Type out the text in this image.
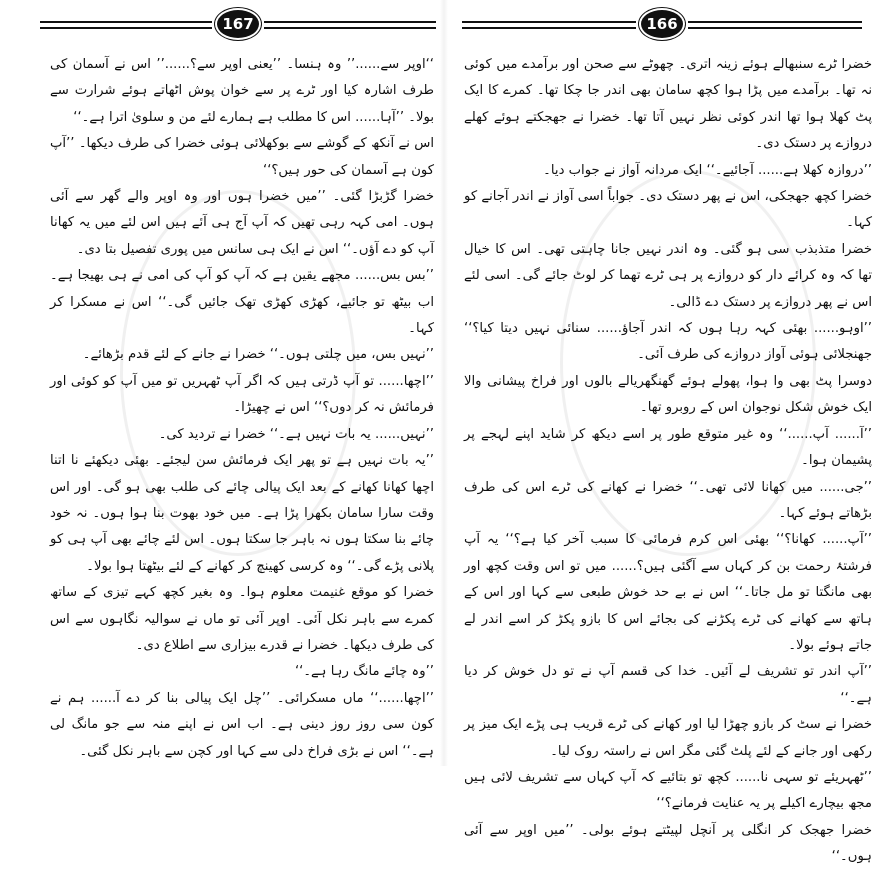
167

‘‘اوپر سے......’’ وہ ہنسا۔ ’’یعنی اوپر سے؟......’’ اس نے آسمان کی طرف اشارہ کیا اور ٹرے پر سے خوان پوش اٹھاتے ہوئے شرارت سے بولا۔ ’’آہا...... اس کا مطلب ہے ہمارے لئے من و سلویٰ اترا ہے۔‘‘

اس نے آنکھ کے گوشے سے بوکھلائی ہوئی خضرا کی طرف دیکھا۔ ’’آپ کون ہے آسمان کی حور ہیں؟‘‘

خضرا گڑبڑا گئی۔ ’’میں خضرا ہوں اور وہ اوپر والے گھر سے آئی ہوں۔ امی کہہ رہی تھیں کہ آپ آج ہی آئے ہیں اس لئے میں یہ کھانا آپ کو دے آؤں۔‘‘ اس نے ایک ہی سانس میں پوری تفصیل بتا دی۔

’’بس بس...... مجھے یقین ہے کہ آپ کو آپ کی امی نے ہی بھیجا ہے۔ اب بیٹھ تو جائیے، کھڑی کھڑی تھک جائیں گی۔‘‘ اس نے مسکرا کر کہا۔

’’نہیں بس، میں چلتی ہوں۔‘‘ خضرا نے جانے کے لئے قدم بڑھائے۔

’’اچھا...... تو آپ ڈرتی ہیں کہ اگر آپ ٹھہریں تو میں آپ کو کوئی اور فرمائش نہ کر دوں؟‘‘ اس نے چھیڑا۔

’’نہیں...... یہ بات نہیں ہے۔‘‘ خضرا نے تردید کی۔

’’یہ بات نہیں ہے تو پھر ایک فرمائش سن لیجئے۔ بھئی دیکھئے نا اتنا اچھا کھانا کھانے کے بعد ایک پیالی چائے کی طلب بھی ہو گی۔ اور اس وقت سارا سامان بکھرا پڑا ہے۔ میں خود بھوت بنا ہوا ہوں۔ نہ خود چائے بنا سکتا ہوں نہ باہر جا سکتا ہوں۔ اس لئے چائے بھی آپ ہی کو پلانی پڑے گی۔‘‘ وہ کرسی کھینچ کر کھانے کے لئے بیٹھتا ہوا بولا۔

خضرا کو موقع غنیمت معلوم ہوا۔ وہ بغیر کچھ کہے تیزی کے ساتھ کمرے سے باہر نکل آئی۔ اوپر آئی تو ماں نے سوالیہ نگاہوں سے اس کی طرف دیکھا۔ خضرا نے قدرے بیزاری سے اطلاع دی۔

’’وہ چائے مانگ رہا ہے۔‘‘

’’اچھا......‘‘ ماں مسکرائی۔ ’’چل ایک پیالی بنا کر دے آ...... ہم نے کون سی روز روز دینی ہے۔ اب اس نے اپنے منہ سے جو مانگ لی ہے۔‘‘ اس نے بڑی فراخ دلی سے کہا اور کچن سے باہر نکل گئی۔

166

خضرا ٹرے سنبھالے ہوئے زینہ اتری۔ چھوٹے سے صحن اور برآمدے میں کوئی نہ تھا۔ برآمدے میں پڑا ہوا کچھ سامان بھی اندر جا چکا تھا۔ کمرے کا ایک پٹ کھلا ہوا تھا اندر کوئی نظر نہیں آتا تھا۔ خضرا نے جھجکتے ہوئے کھلے دروازے پر دستک دی۔

’’دروازہ کھلا ہے...... آجائیے۔‘‘ ایک مردانہ آواز نے جواب دیا۔

خضرا کچھ جھجکی، اس نے پھر دستک دی۔ جواباً اسی آواز نے اندر آجانے کو کہا۔

خضرا متذبذب سی ہو گئی۔ وہ اندر نہیں جانا چاہتی تھی۔ اس کا خیال تھا کہ وہ کرائے دار کو دروازے پر ہی ٹرے تھما کر لوٹ جائے گی۔ اسی لئے اس نے پھر دروازے پر دستک دے ڈالی۔

’’اوہو...... بھئی کہہ رہا ہوں کہ اندر آجاؤ...... سنائی نہیں دیتا کیا؟‘‘ جھنجلائی ہوئی آواز دروازے کی طرف آئی۔

دوسرا پٹ بھی وا ہوا، پھولے ہوئے گھنگھریالے بالوں اور فراخ پیشانی والا ایک خوش شکل نوجوان اس کے روبرو تھا۔

’’آ...... آپ......‘‘ وہ غیر متوقع طور پر اسے دیکھ کر شاید اپنے لہجے پر پشیمان ہوا۔

’’جی...... میں کھانا لائی تھی۔‘‘ خضرا نے کھانے کی ٹرے اس کی طرف بڑھاتے ہوئے کہا۔

’’آپ...... کھانا؟‘‘ بھئی اس کرم فرمائی کا سبب آخر کیا ہے؟‘‘ یہ آپ فرشتۂ رحمت بن کر کہاں سے آگئی ہیں؟...... میں تو اس وقت کچھ اور بھی مانگتا تو مل جاتا۔‘‘ اس نے بے حد خوش طبعی سے کہا اور اس کے ہاتھ سے کھانے کی ٹرے پکڑنے کی بجائے اس کا بازو پکڑ کر اسے اندر لے جاتے ہوئے بولا۔

’’آپ اندر تو تشریف لے آئیں۔ خدا کی قسم آپ نے تو دل خوش کر دیا ہے۔‘‘

خضرا نے سٹ کر بازو چھڑا لیا اور کھانے کی ٹرے قریب ہی پڑے ایک میز پر رکھی اور جانے کے لئے پلٹ گئی مگر اس نے راستہ روک لیا۔

’’ٹھہریئے تو سہی نا...... کچھ تو بتائیے کہ آپ کہاں سے تشریف لائی ہیں مجھ بیچارے اکیلے پر یہ عنایت فرمانے؟‘‘

خضرا جھجک کر انگلی پر آنچل لپیٹتے ہوئے بولی۔ ’’میں اوپر سے آئی ہوں۔‘‘
